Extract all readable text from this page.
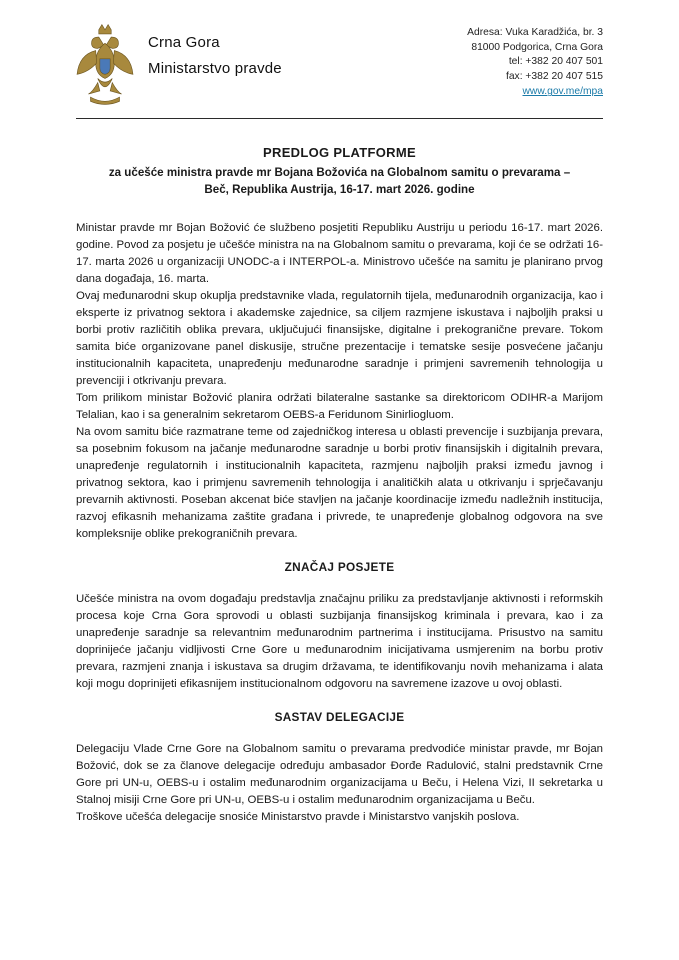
Crna Gora
Ministarstvo pravde
Adresa: Vuka Karadžića, br. 3
81000 Podgorica, Crna Gora
tel: +382 20 407 501
fax: +382 20 407 515
www.gov.me/mpa
PREDLOG PLATFORME
za učešće ministra pravde mr Bojana Božovića na Globalnom samitu o prevarama –
Beč, Republika Austrija, 16-17. mart 2026. godine

Ministar pravde mr Bojan Božović će službeno posjetiti Republiku Austriju u periodu 16-17. mart 2026. godine. Povod za posjetu je učešće ministra na na Globalnom samitu o prevarama, koji će se održati 16-17. marta 2026 u organizaciji UNODC-a i INTERPOL-a. Ministrovo učešće na samitu je planirano prvog dana događaja, 16. marta.

Ovaj međunarodni skup okuplja predstavnike vlada, regulatornih tijela, međunarodnih organizacija, kao i eksperte iz privatnog sektora i akademske zajednice, sa ciljem razmjene iskustava i najboljih praksi u borbi protiv različitih oblika prevara, uključujući finansijske, digitalne i prekogranične prevare. Tokom samita biće organizovane panel diskusije, stručne prezentacije i tematske sesije posvećene jačanju institucionalnih kapaciteta, unapređenju međunarodne saradnje i primjeni savremenih tehnologija u prevenciji i otkrivanju prevara.

Tom prilikom ministar Božović planira održati bilateralne sastanke sa direktoricom ODIHR-a Marijom Telalian, kao i sa generalnim sekretarom OEBS-a Feridunom Sinirliogluom.

Na ovom samitu biće razmatrane teme od zajedničkog interesa u oblasti prevencije i suzbijanja prevara, sa posebnim fokusom na jačanje međunarodne saradnje u borbi protiv finansijskih i digitalnih prevara, unapređenje regulatornih i institucionalnih kapaciteta, razmjenu najboljih praksi između javnog i privatnog sektora, kao i primjenu savremenih tehnologija i analitičkih alata u otkrivanju i sprječavanju prevarnih aktivnosti. Poseban akcenat biće stavljen na jačanje koordinacije između nadležnih institucija, razvoj efikasnih mehanizama zaštite građana i privrede, te unapređenje globalnog odgovora na sve kompleksnije oblike prekograničnih prevara.

ZNAČAJ POSJETE

Učešće ministra na ovom događaju predstavlja značajnu priliku za predstavljanje aktivnosti i reformskih procesa koje Crna Gora sprovodi u oblasti suzbijanja finansijskog kriminala i prevara, kao i za unapređenje saradnje sa relevantnim međunarodnim partnerima i institucijama. Prisustvo na samitu doprinijeće jačanju vidljivosti Crne Gore u međunarodnim inicijativama usmjerenim na borbu protiv prevara, razmjeni znanja i iskustava sa drugim državama, te identifikovanju novih mehanizama i alata koji mogu doprinijeti efikasnijem institucionalnom odgovoru na savremene izazove u ovoj oblasti.

SASTAV DELEGACIJE

Delegaciju Vlade Crne Gore na Globalnom samitu o prevarama predvodiće ministar pravde, mr Bojan Božović, dok se za članove delegacije određuju ambasador Đorđe Radulović, stalni predstavnik Crne Gore pri UN-u, OEBS-u i ostalim međunarodnim organizacijama u Beču, i Helena Vizi, II sekretarka u Stalnoj misiji Crne Gore pri UN-u, OEBS-u i ostalim međunarodnim organizacijama u Beču.

Troškove učešća delegacije snosiće Ministarstvo pravde i Ministarstvo vanjskih poslova.
